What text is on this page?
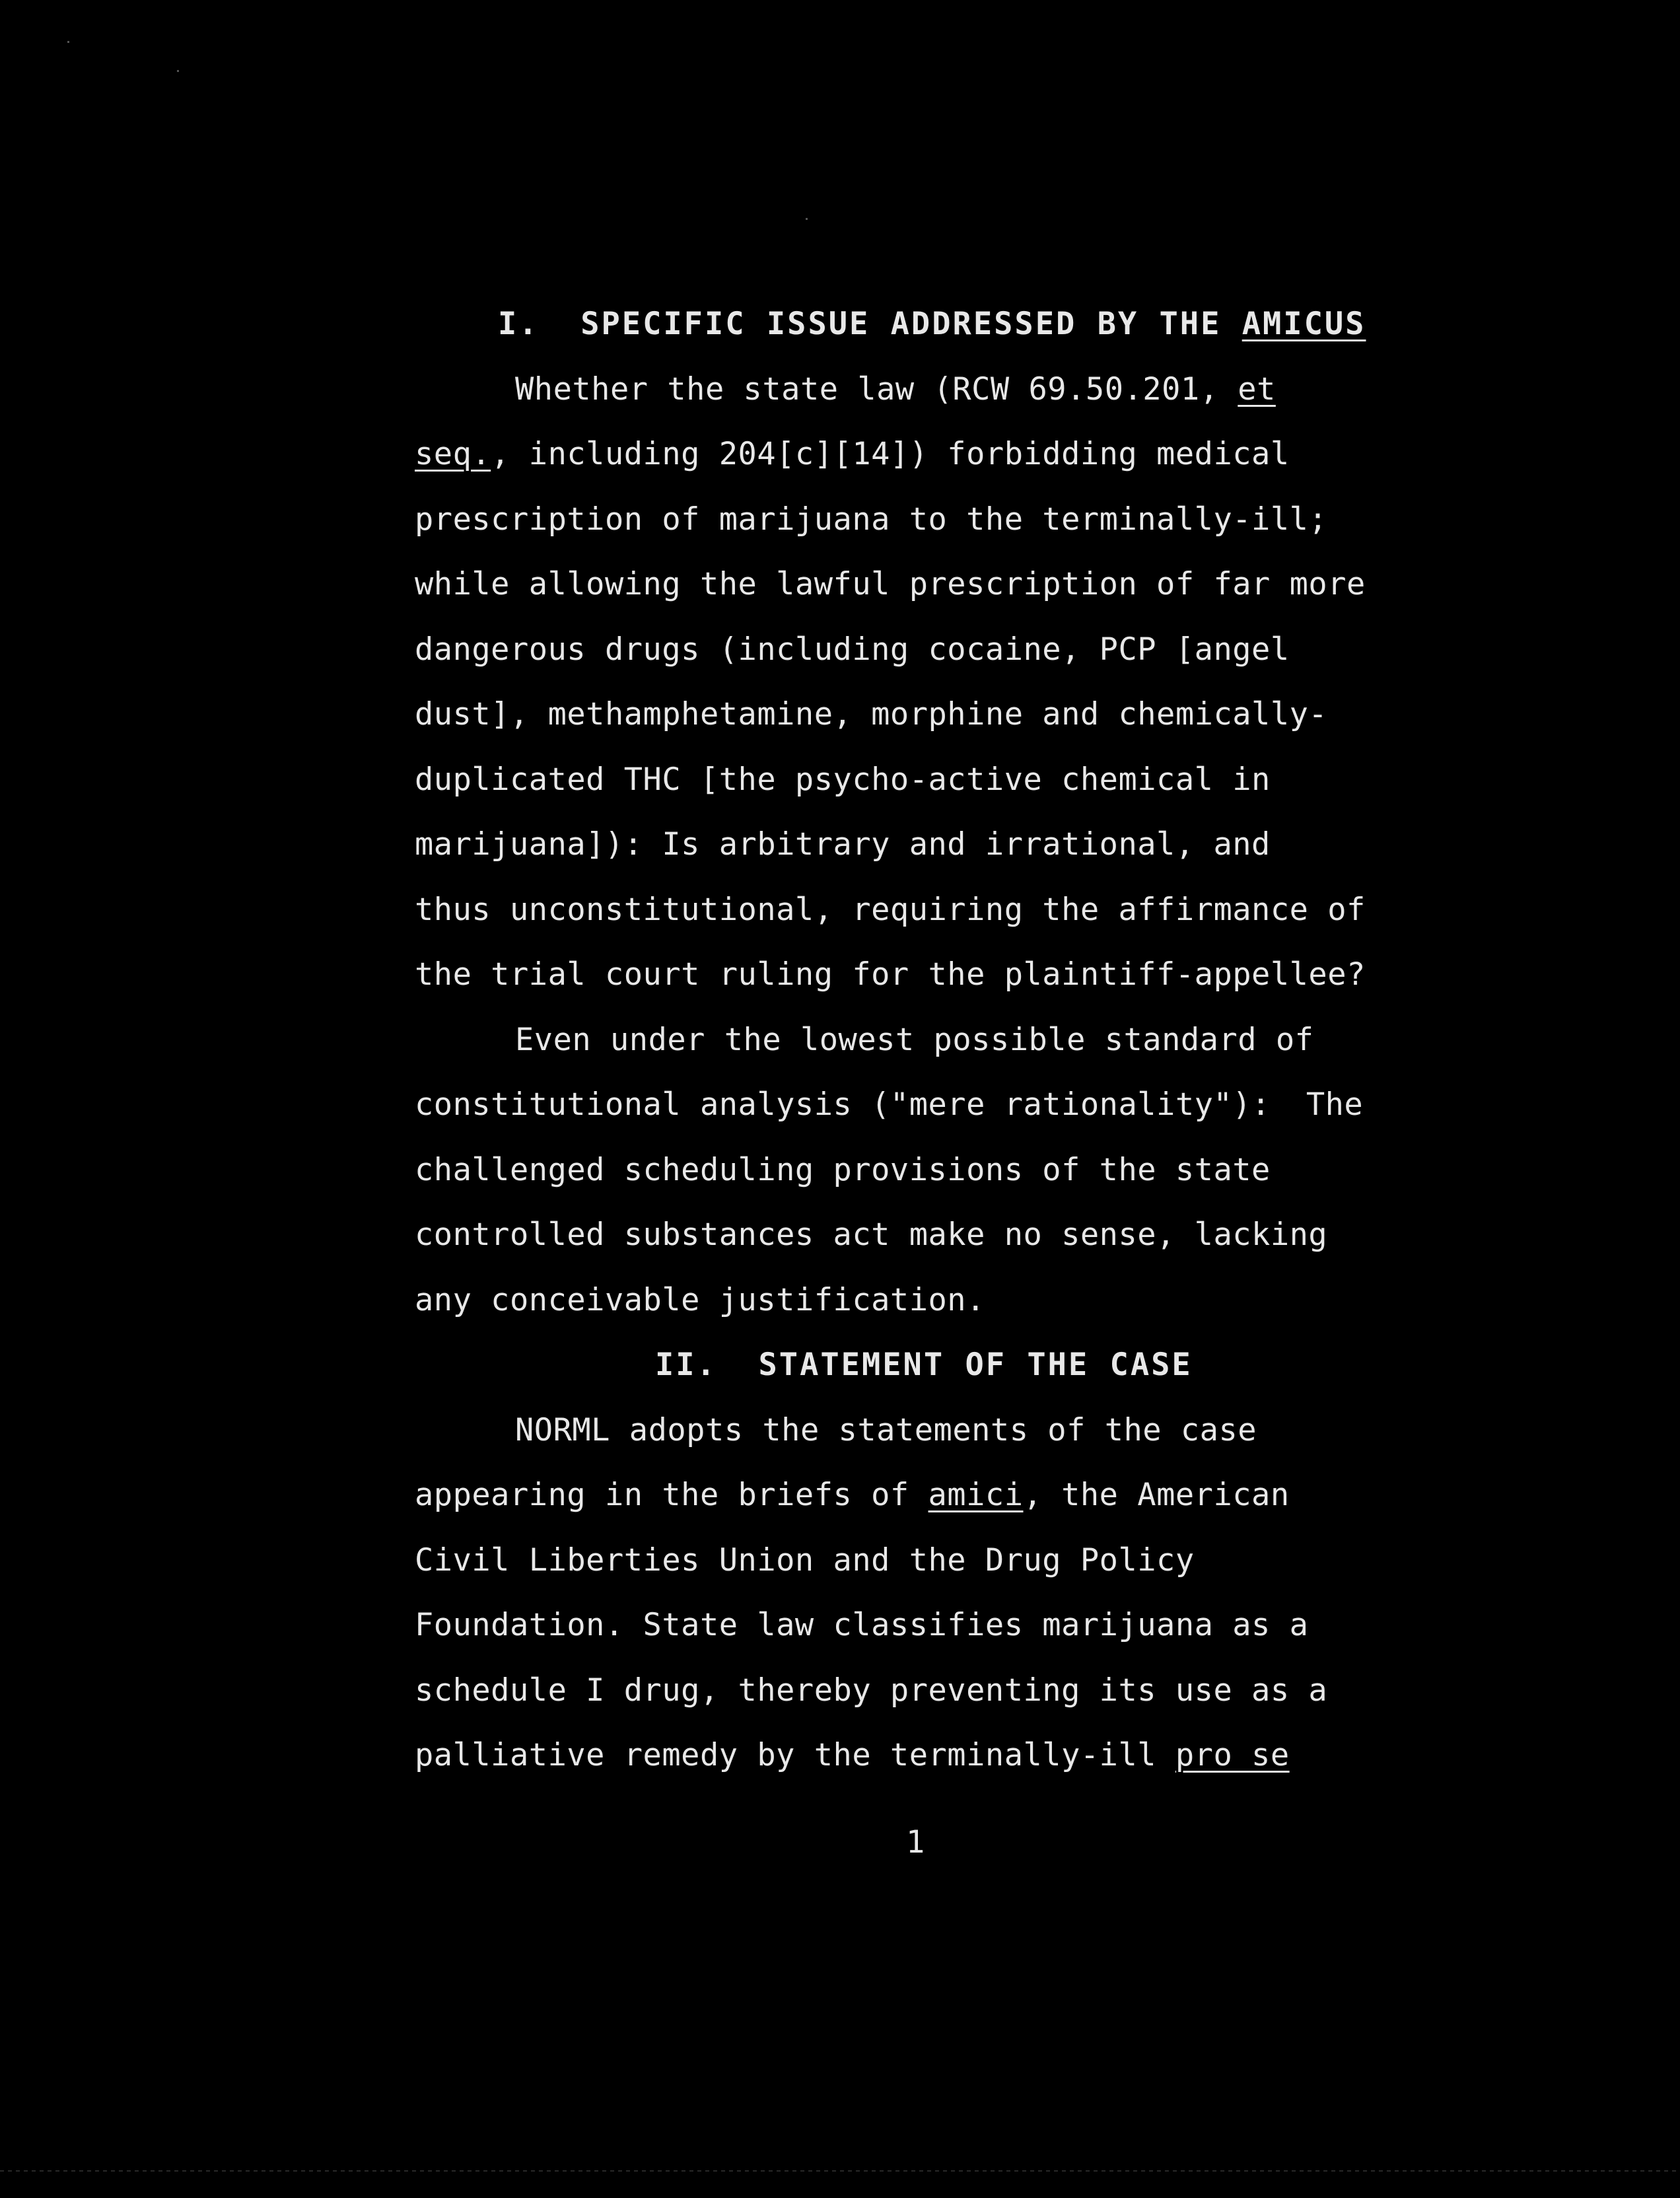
I. SPECIFIC ISSUE ADDRESSED BY THE AMICUS
Whether the state law (RCW 69.50.201, et
seq., including 204[c][14]) forbidding medical
prescription of marijuana to the terminally-ill;
while allowing the lawful prescription of far more
dangerous drugs (including cocaine, PCP [angel
dust], methamphetamine, morphine and chemically-
duplicated THC [the psycho-active chemical in
marijuana]): Is arbitrary and irrational, and
thus unconstitutional, requiring the affirmance of
the trial court ruling for the plaintiff-appellee?
Even under the lowest possible standard of
constitutional analysis ("mere rationality"): The
challenged scheduling provisions of the state
controlled substances act make no sense, lacking
any conceivable justification.
II. STATEMENT OF THE CASE
NORML adopts the statements of the case
appearing in the briefs of amici, the American
Civil Liberties Union and the Drug Policy
Foundation. State law classifies marijuana as a
schedule I drug, thereby preventing its use as a
palliative remedy by the terminally-ill pro se
1
